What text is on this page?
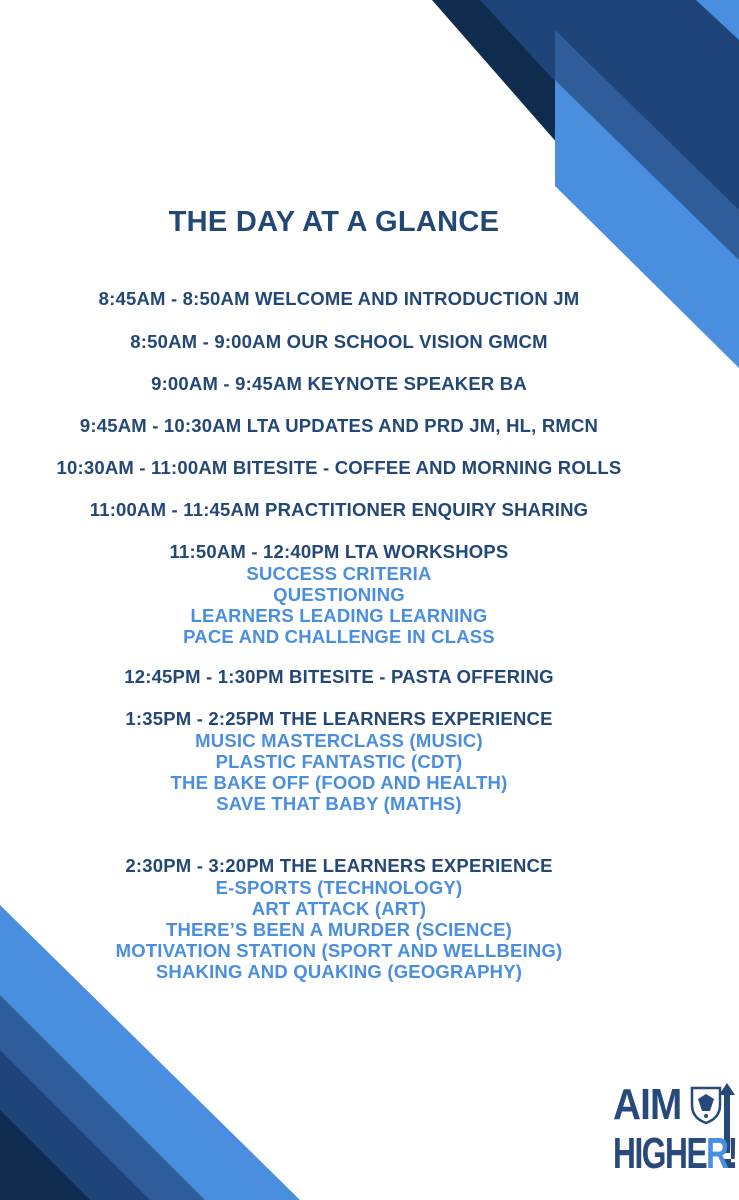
THE DAY AT A GLANCE
8:45AM - 8:50AM WELCOME AND INTRODUCTION JM
8:50AM - 9:00AM OUR SCHOOL VISION GMCM
9:00AM - 9:45AM KEYNOTE SPEAKER BA
9:45AM - 10:30AM LTA UPDATES AND PRD JM, HL, RMCN
10:30AM - 11:00AM BITESITE - COFFEE AND MORNING ROLLS
11:00AM - 11:45AM PRACTITIONER ENQUIRY SHARING
11:50AM - 12:40PM LTA WORKSHOPS
SUCCESS CRITERIA
QUESTIONING
LEARNERS LEADING LEARNING
PACE AND CHALLENGE IN CLASS
12:45PM - 1:30PM BITESITE - PASTA OFFERING
1:35PM - 2:25PM THE LEARNERS EXPERIENCE
MUSIC MASTERCLASS (MUSIC)
PLASTIC FANTASTIC (CDT)
THE BAKE OFF (FOOD AND HEALTH)
SAVE THAT BABY (MATHS)
2:30PM - 3:20PM THE LEARNERS EXPERIENCE
E-SPORTS (TECHNOLOGY)
ART ATTACK (ART)
THERE’S BEEN A MURDER (SCIENCE)
MOTIVATION STATION (SPORT AND WELLBEING)
SHAKING AND QUAKING (GEOGRAPHY)
AIM
HIGHER!
